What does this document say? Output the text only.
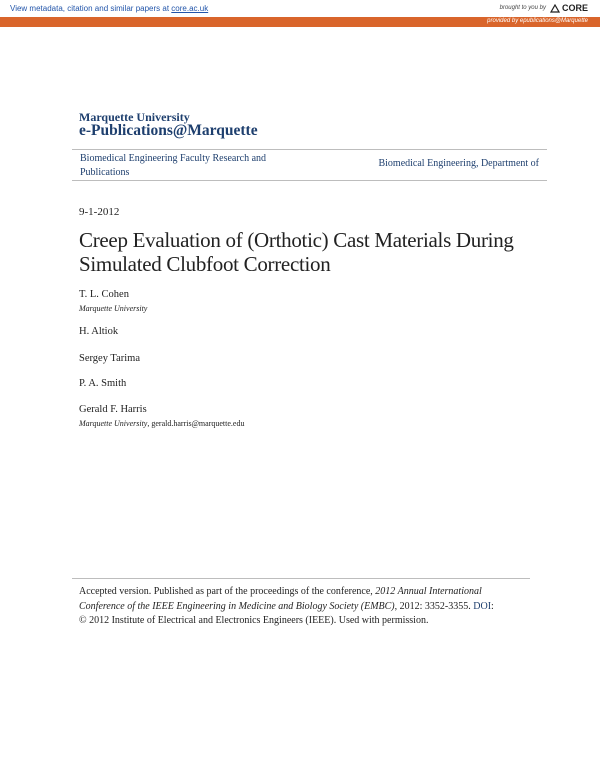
View metadata, citation and similar papers at core.ac.uk	brought to you by CORE
provided by epublications@Marquette
Marquette University
e-Publications@Marquette
Biomedical Engineering Faculty Research and Publications
Biomedical Engineering, Department of
9-1-2012
Creep Evaluation of (Orthotic) Cast Materials During Simulated Clubfoot Correction
T. L. Cohen
Marquette University
H. Altiok
Sergey Tarima
P. A. Smith
Gerald F. Harris
Marquette University, gerald.harris@marquette.edu
Accepted version. Published as part of the proceedings of the conference, 2012 Annual International Conference of the IEEE Engineering in Medicine and Biology Society (EMBC), 2012: 3352-3355. DOI:
© 2012 Institute of Electrical and Electronics Engineers (IEEE). Used with permission.
